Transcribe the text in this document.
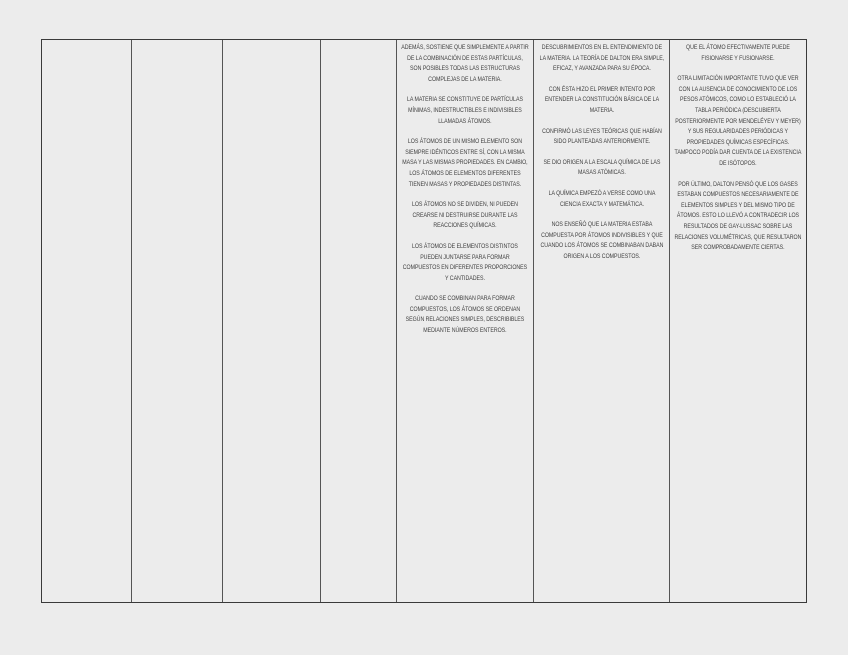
ADEMÁS, SOSTIENE QUE SIMPLEMENTE A PARTIR DE LA COMBINACIÓN DE ESTAS PARTÍCULAS, SON POSIBLES TODAS LAS ESTRUCTURAS COMPLEJAS DE LA MATERIA.

LA MATERIA SE CONSTITUYE DE PARTÍCULAS MÍNIMAS, INDESTRUCTIBLES E INDIVISIBLES LLAMADAS ÁTOMOS.

LOS ÁTOMOS DE UN MISMO ELEMENTO SON SIEMPRE IDÉNTICOS ENTRE SÍ, CON LA MISMA MASA Y LAS MISMAS PROPIEDADES. EN CAMBIO, LOS ÁTOMOS DE ELEMENTOS DIFERENTES TIENEN MASAS Y PROPIEDADES DISTINTAS.

LOS ÁTOMOS NO SE DIVIDEN, NI PUEDEN CREARSE NI DESTRUIRSE DURANTE LAS REACCIONES QUÍMICAS.

LOS ÁTOMOS DE ELEMENTOS DISTINTOS PUEDEN JUNTARSE PARA FORMAR COMPUESTOS EN DIFERENTES PROPORCIONES Y CANTIDADES.

CUANDO SE COMBINAN PARA FORMAR COMPUESTOS, LOS ÁTOMOS SE ORDENAN SEGÚN RELACIONES SIMPLES, DESCRIBIBLES MEDIANTE NÚMEROS ENTEROS.

DESCUBRIMIENTOS EN EL ENTENDIMIENTO DE LA MATERIA. LA TEORÍA DE DALTON ERA SIMPLE, EFICAZ, Y AVANZADA PARA SU ÉPOCA.

CON ÉSTA HIZO EL PRIMER INTENTO POR ENTENDER LA CONSTITUCIÓN BÁSICA DE LA MATERIA.

CONFIRMÓ LAS LEYES TEÓRICAS QUE HABÍAN SIDO PLANTEADAS ANTERIORMENTE.

SE DIO ORIGEN A LA ESCALA QUÍMICA DE LAS MASAS ATÓMICAS.

LA QUÍMICA EMPEZÓ A VERSE COMO UNA CIENCIA EXACTA Y MATEMÁTICA.

NOS ENSEÑÓ QUE LA MATERIA ESTABA COMPUESTA POR ÁTOMOS INDIVISIBLES Y QUE CUANDO LOS ÁTOMOS SE COMBINABAN DABAN ORIGEN A LOS COMPUESTOS.

QUE EL ÁTOMO EFECTIVAMENTE PUEDE FISIONARSE Y FUSIONARSE.

OTRA LIMITACIÓN IMPORTANTE TUVO QUE VER CON LA AUSENCIA DE CONOCIMIENTO DE LOS PESOS ATÓMICOS, COMO LO ESTABLECIÓ LA TABLA PERIÓDICA (DESCUBIERTA POSTERIORMENTE POR MENDELÉYEV Y MEYER) Y SUS REGULARIDADES PERIÓDICAS Y PROPIEDADES QUÍMICAS ESPECÍFICAS. TAMPOCO PODÍA DAR CUENTA DE LA EXISTENCIA DE ISÓTOPOS.

POR ÚLTIMO, DALTON PENSÓ QUE LOS GASES ESTABAN COMPUESTOS NECESARIAMENTE DE ELEMENTOS SIMPLES Y DEL MISMO TIPO DE ÁTOMOS. ESTO LO LLEVÓ A CONTRADECIR LOS RESULTADOS DE GAY-LUSSAC SOBRE LAS RELACIONES VOLUMÉTRICAS, QUE RESULTARON SER COMPROBADAMENTE CIERTAS.
